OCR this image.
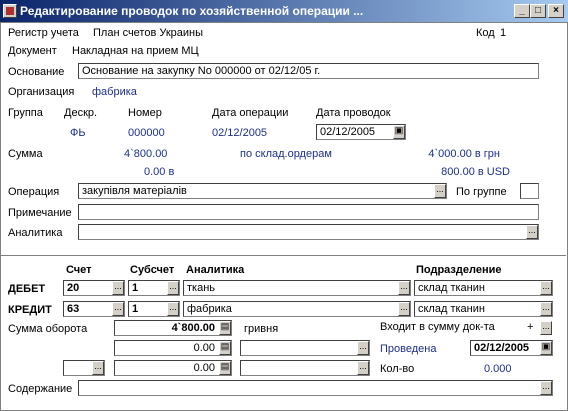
Редактирование проводок по хозяйственной операции ...	_	□	×
Регистр учета План счетов Украины	Код 1
Документ Накладная на прием МЦ
Основание	Основание на закупку No 000000 от 02/12/05 г.
Организация фабрика
Группа Дескр.	Номер	Дата операции	Дата проводок
ФЬ	000000	02/12/2005	02/12/2005	▣
Сумма	4`800.00	по склад.ордерам	4`000.00 в грн
0.00 в	800.00 в USD
Операция	закупівля матеріалів	... По группе
Примечание
Аналитика	...
Счет	Субсчет Аналитика	Подразделение
ДЕБЕТ	20	... 1	... ткань	... склад тканин	...
КРЕДИТ	63	... 1	... фабрика	... склад тканин	...
Сумма оборота	4`800.00 ▤ гривня	Входит в сумму док-та	+ ...
0.00 ▤	... Проведена	02/12/2005	▣
...	0.00 ▤	... Кол-во	0.000
Содержание	...
